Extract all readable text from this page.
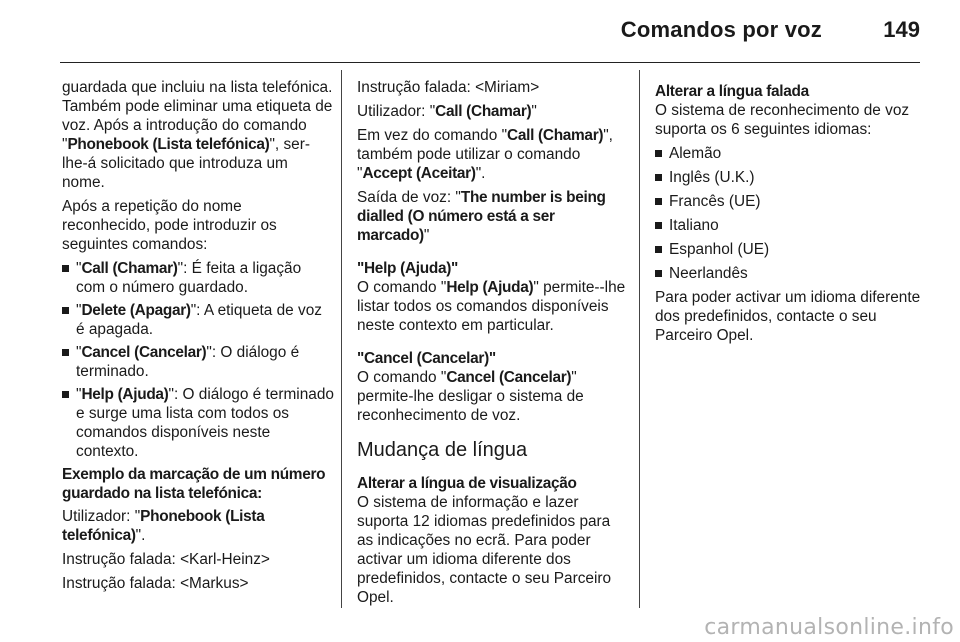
Comandos por voz	149

guardada que incluiu na lista telefónica. Também pode eliminar uma etiqueta de voz. Após a introdução do comando "Phonebook (Lista telefónica)", ser-lhe-á solicitado que introduza um nome.

Após a repetição do nome reconhecido, pode introduzir os seguintes comandos:

"Call (Chamar)": É feita a ligação com o número guardado.
"Delete (Apagar)": A etiqueta de voz é apagada.
"Cancel (Cancelar)": O diálogo é terminado.
"Help (Ajuda)": O diálogo é terminado e surge uma lista com todos os comandos disponíveis neste contexto.

Exemplo da marcação de um número guardado na lista telefónica:

Utilizador: "Phonebook (Lista telefónica)".

Instrução falada: <Karl-Heinz>

Instrução falada: <Markus>

Instrução falada: <Miriam>

Utilizador: "Call (Chamar)"

Em vez do comando "Call (Chamar)", também pode utilizar o comando "Accept (Aceitar)".

Saída de voz: "The number is being dialled (O número está a ser marcado)"

"Help (Ajuda)"

O comando "Help (Ajuda)" permite--lhe listar todos os comandos disponíveis neste contexto em particular.

"Cancel (Cancelar)"

O comando "Cancel (Cancelar)" permite-lhe desligar o sistema de reconhecimento de voz.

Mudança de língua

Alterar a língua de visualização

O sistema de informação e lazer suporta 12 idiomas predefinidos para as indicações no ecrã. Para poder activar um idioma diferente dos predefinidos, contacte o seu Parceiro Opel.

Alterar a língua falada

O sistema de reconhecimento de voz suporta os 6 seguintes idiomas:

Alemão
Inglês (U.K.)
Francês (UE)
Italiano
Espanhol (UE)
Neerlandês

Para poder activar um idioma diferente dos predefinidos, contacte o seu Parceiro Opel.

carmanualsonline.info
